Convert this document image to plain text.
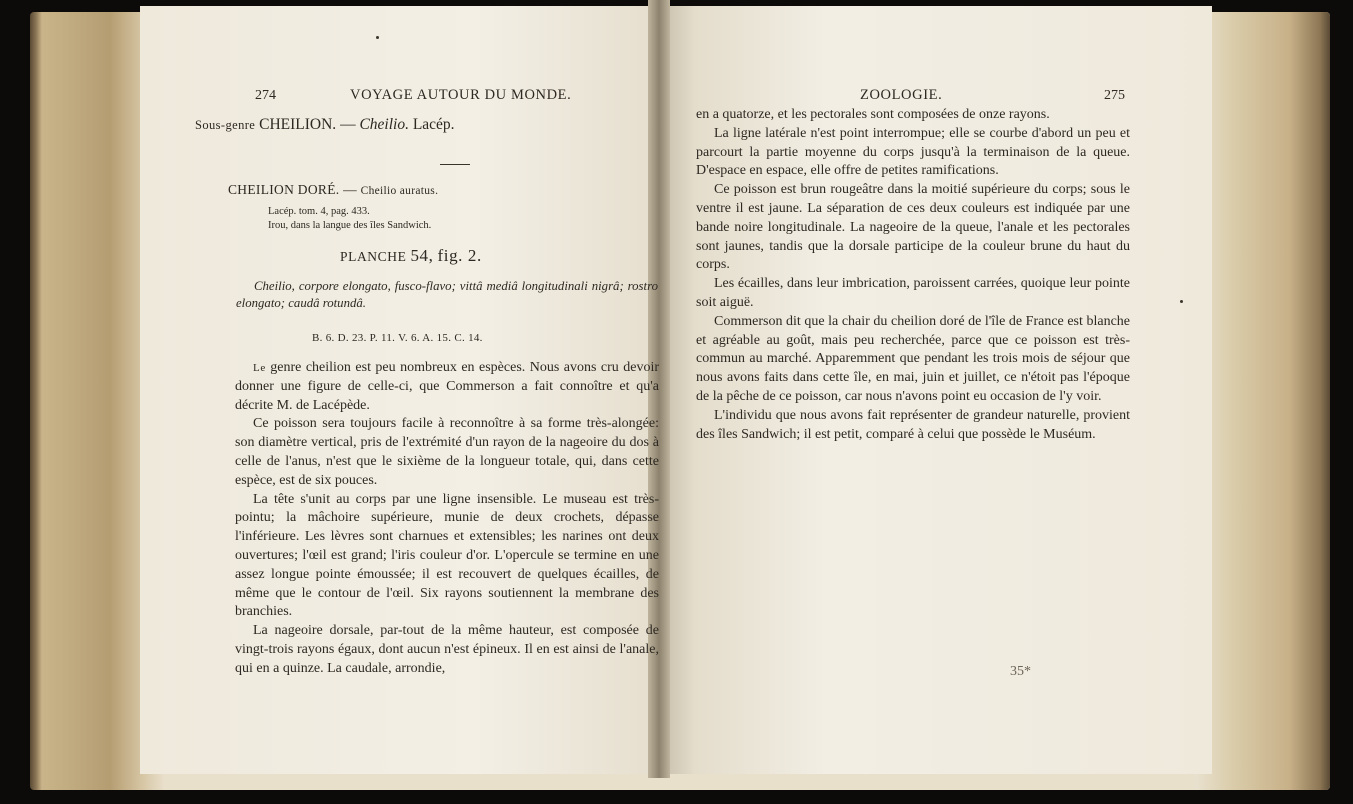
274	VOYAGE AUTOUR DU MONDE.
Sous-genre CHEILION. — Cheilio. Lacép.
CHEILION DORÉ. — Cheilio auratus.
Lacép. tom. 4, pag. 433.
Irou, dans la langue des îles Sandwich.
PLANCHE 54, fig. 2.
Cheilio, corpore elongato, fusco-flavo; vittâ mediâ longitudinali nigrâ; rostro elongato; caudâ rotundâ.
B. 6. D. 23. P. 11. V. 6. A. 15. C. 14.

Le genre cheilion est peu nombreux en espèces. Nous avons cru devoir donner une figure de celle-ci, que Commerson a fait connoître et qu'a décrite M. de Lacépède.

Ce poisson sera toujours facile à reconnoître à sa forme très-alongée: son diamètre vertical, pris de l'extrémité d'un rayon de la nageoire du dos à celle de l'anus, n'est que le sixième de la longueur totale, qui, dans cette espèce, est de six pouces.

La tête s'unit au corps par une ligne insensible. Le museau est très-pointu; la mâchoire supérieure, munie de deux crochets, dépasse l'inférieure. Les lèvres sont charnues et extensibles; les narines ont deux ouvertures; l'œil est grand; l'iris couleur d'or. L'opercule se termine en une assez longue pointe émoussée; il est recouvert de quelques écailles, de même que le contour de l'œil. Six rayons soutiennent la membrane des branchies.

La nageoire dorsale, par-tout de la même hauteur, est composée de vingt-trois rayons égaux, dont aucun n'est épineux. Il en est ainsi de l'anale, qui en a quinze. La caudale, arrondie,

ZOOLOGIE.	275

en a quatorze, et les pectorales sont composées de onze rayons.

La ligne latérale n'est point interrompue; elle se courbe d'abord un peu et parcourt la partie moyenne du corps jusqu'à la terminaison de la queue. D'espace en espace, elle offre de petites ramifications.

Ce poisson est brun rougeâtre dans la moitié supérieure du corps; sous le ventre il est jaune. La séparation de ces deux couleurs est indiquée par une bande noire longitudinale. La nageoire de la queue, l'anale et les pectorales sont jaunes, tandis que la dorsale participe de la couleur brune du haut du corps.

Les écailles, dans leur imbrication, paroissent carrées, quoique leur pointe soit aiguë.

Commerson dit que la chair du cheilion doré de l'île de France est blanche et agréable au goût, mais peu recherchée, parce que ce poisson est très-commun au marché. Apparemment que pendant les trois mois de séjour que nous avons faits dans cette île, en mai, juin et juillet, ce n'étoit pas l'époque de la pêche de ce poisson, car nous n'avons point eu occasion de l'y voir.

L'individu que nous avons fait représenter de grandeur naturelle, provient des îles Sandwich; il est petit, comparé à celui que possède le Muséum.

35*
